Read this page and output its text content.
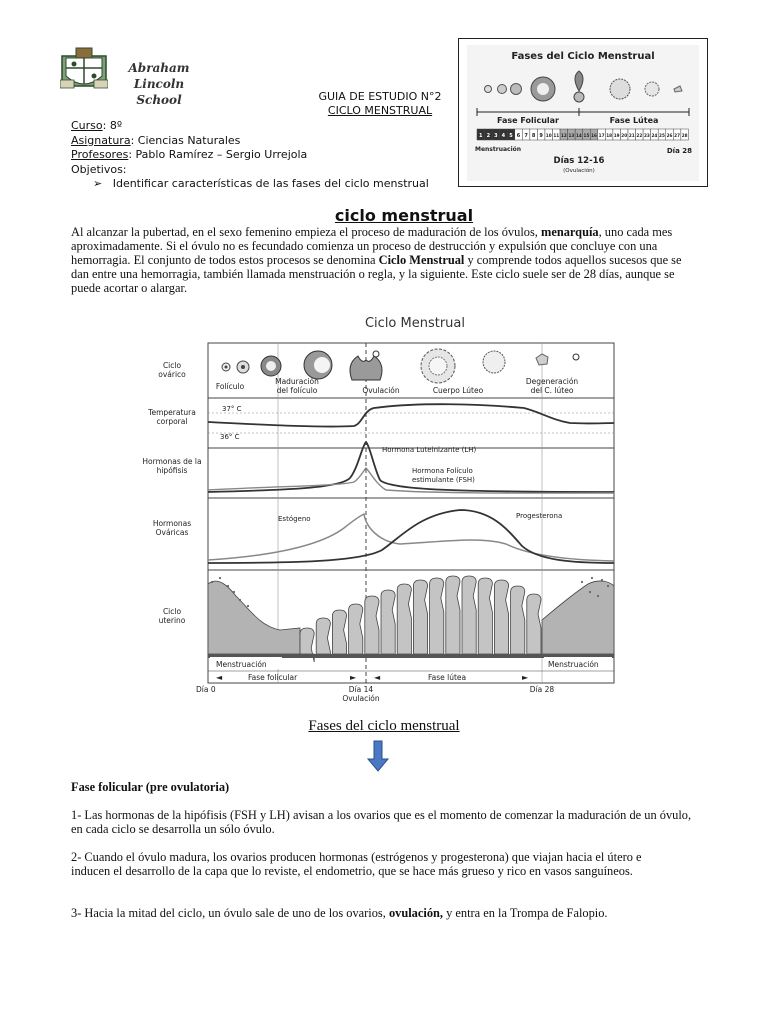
Abraham Lincoln
School	GUIA DE ESTUDIO N°2
CICLO MENSTRUAL
Curso: 8º
Asignatura: Ciencias Naturales
Profesores: Pablo Ramírez – Sergio Urrejola
Objetivos:
➢ Identificar características de las fases del ciclo menstrual
Fases del Ciclo Menstrual
Fase Folicular	Fase Lútea
1 2 3 4 5 6 7 8 9 10 11 12 13 14 15 16 17 18 19 20 21 22 23 24 25 26 27 28
Menstruación	Día 28
Días 12-16
(Ovulación)
ciclo menstrual
Al alcanzar la pubertad, en el sexo femenino empieza el proceso de maduración de los óvulos, menarquía, uno cada mes aproximadamente. Si el óvulo no es fecundado comienza un proceso de destrucción y expulsión que concluye con una hemorragia. El conjunto de todos estos procesos se denomina Ciclo Menstrual y comprende todos aquellos sucesos que se dan entre una hemorragia, también llamada menstruación o regla, y la siguiente. Este ciclo suele ser de 28 días, aunque se puede acortar o alargar.
Ciclo Menstrual
Ciclo
ovárico
Temperatura
corporal
Hormonas de la
hipófisis
Hormonas
Ováricas
Ciclo
uterino
Folículo
Maduración
del folículo	Ovulación	Cuerpo Lúteo
Degeneración
del C. lúteo
37° C
36° C
Hormona Luteinizante (LH)
Hormona Folículo
estimulante (FSH)
Estógeno	Progesterona
Menstruación	Menstruación
◄	Fase folicular	► ◄	Fase lútea	►
Día 0	Día 14
Ovulación
Día 28
Fases del ciclo menstrual
Fase folicular (pre ovulatoria)
1- Las hormonas de la hipófisis (FSH y LH) avisan a los ovarios que es el momento de comenzar la maduración de un óvulo, en cada ciclo se desarrolla un sólo óvulo.
2- Cuando el óvulo madura, los ovarios producen hormonas (estrógenos y progesterona) que viajan hacia el útero e inducen el desarrollo de la capa que lo reviste, el endometrio, que se hace más grueso y rico en vasos sanguíneos.
3- Hacia la mitad del ciclo, un óvulo sale de uno de los ovarios, ovulación, y entra en la Trompa de Falopio.
